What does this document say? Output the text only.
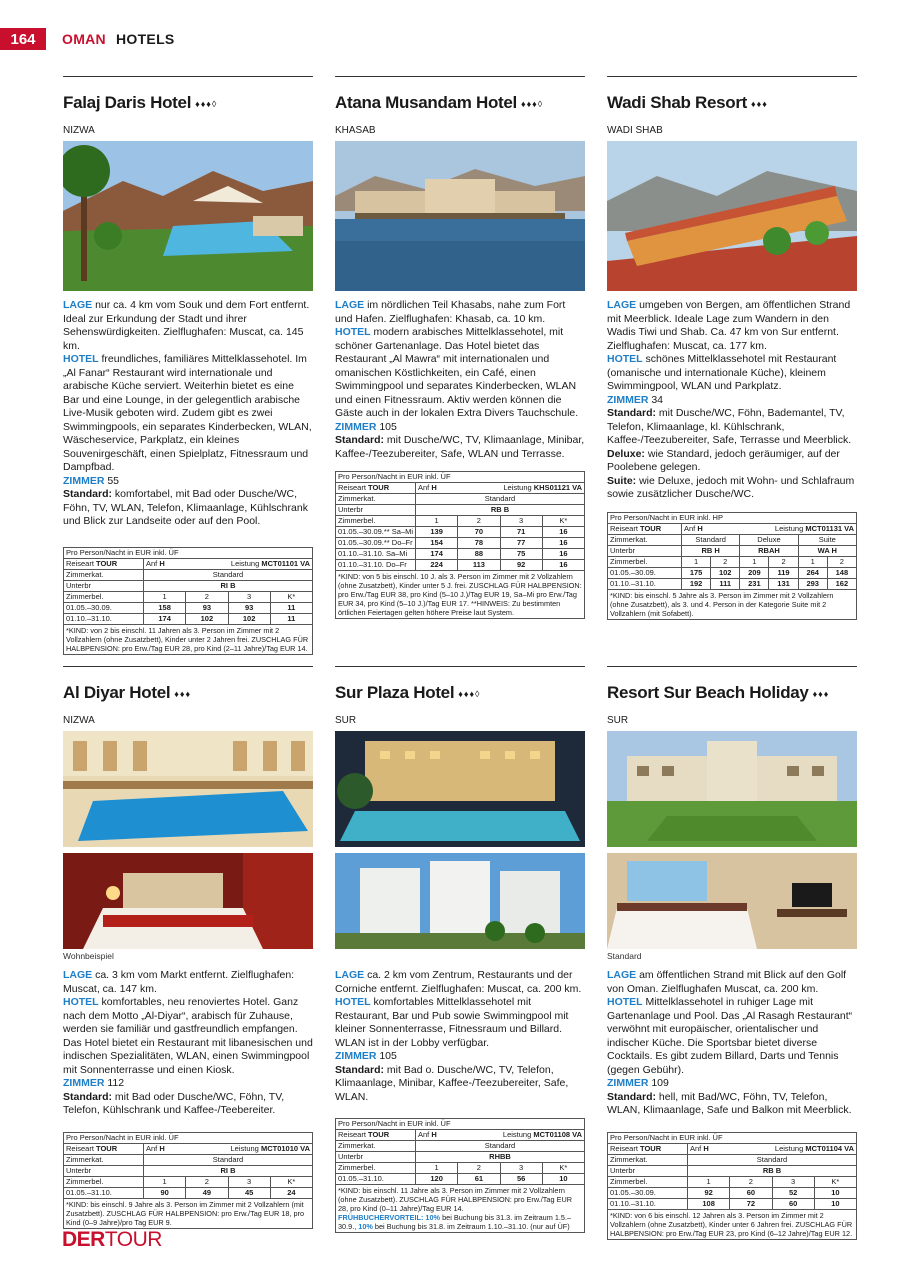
164	OMAN HOTELS
Falaj Daris Hotel ♦♦♦◊
NIZWA

LAGE nur ca. 4 km vom Souk und dem Fort entfernt. Ideal zur Erkundung der Stadt und ihrer Sehenswürdigkeiten. Zielflughafen: Muscat, ca. 145 km.

HOTEL freundliches, familiäres Mittelklassehotel. Im „Al Fanar“ Restaurant wird internationale und arabische Küche serviert. Weiterhin bietet es eine Bar und eine Lounge, in der gelegentlich arabische Live-Musik geboten wird. Zudem gibt es zwei Swimmingpools, ein separates Kinderbecken, WLAN, Wäscheservice, Parkplatz, ein kleines Souvenirgeschäft, einen Spielplatz, Fitnessraum und Dampfbad.

ZIMMER 55

Standard: komfortabel, mit Bad oder Dusche/WC, Föhn, TV, WLAN, Telefon, Klimaanlage, Kühlschrank und Blick zur Landseite oder auf den Pool.

Pro Person/Nacht in EUR inkl. ÜF				
Reiseart TOUR	Anf H Leistung MCT01101 VA			

Zimmerkat.	Standard			
Unterbr	RI B			
Zimmerbel.	1	2	3	K*
01.05.–30.09.	158	93	93	11
01.10.–31.10.	174	102	102	11
*KIND: von 2 bis einschl. 11 Jahren als 3. Person im Zimmer mit 2 Vollzahlern (ohne Zusatzbett), Kinder unter 2 Jahren frei. ZUSCHLAG FÜR HALBPENSION: pro Erw./Tag EUR 28, pro Kind (2–11 Jahre)/Tag EUR 14.
Atana Musandam Hotel ♦♦♦◊
KHASAB

LAGE im nördlichen Teil Khasabs, nahe zum Fort und Hafen. Zielflughafen: Khasab, ca. 10 km.

HOTEL modern arabisches Mittelklassehotel, mit schöner Gartenanlage. Das Hotel bietet das Restaurant „Al Mawra“ mit internationalen und omanischen Köstlichkeiten, ein Café, einen Swimmingpool und separates Kinderbecken, WLAN und einen Fitnessraum. Aktiv werden können die Gäste auch in der lokalen Extra Divers Tauchschule.

ZIMMER 105

Standard: mit Dusche/WC, TV, Klimaanlage, Minibar, Kaffee-/Teezubereiter, Safe, WLAN und Terrasse.

Pro Person/Nacht in EUR inkl. ÜF				
Reiseart TOUR	Anf H Leistung KHS01121 VA			

Zimmerkat.	Standard			
Unterbr	RB B			
Zimmerbel.	1	2	3	K*
01.05.–30.09.** Sa–Mi	139	70	71	16
01.05.–30.09.** Do–Fr	154	78	77	16
01.10.–31.10. Sa–Mi	174	88	75	16
01.10.–31.10. Do–Fr	224	113	92	16
*KIND: von 5 bis einschl. 10 J. als 3. Person im Zimmer mit 2 Vollzahlern (ohne Zusatzbett), Kinder unter 5 J. frei. ZUSCHLAG FÜR HALBPENSION: pro Erw./Tag EUR 38, pro Kind (5–10 J.)/Tag EUR 19, Sa–Mi pro Erw./Tag EUR 34, pro Kind (5–10 J.)/Tag EUR 17. **HINWEIS: Zu bestimmten örtlichen Feiertagen gelten höhere Preise laut System.
Wadi Shab Resort ♦♦♦
WADI SHAB

LAGE umgeben von Bergen, am öffentlichen Strand mit Meerblick. Ideale Lage zum Wandern in den Wadis Tiwi und Shab. Ca. 47 km von Sur entfernt. Zielflughafen: Muscat, ca. 177 km.

HOTEL schönes Mittelklassehotel mit Restaurant (omanische und internationale Küche), kleinem Swimmingpool, WLAN und Parkplatz.

ZIMMER 34

Standard: mit Dusche/WC, Föhn, Bademantel, TV, Telefon, Klimaanlage, kl. Kühlschrank, Kaffee-/Teezubereiter, Safe, Terrasse und Meerblick.

Deluxe: wie Standard, jedoch geräumiger, auf der Poolebene gelegen.

Suite: wie Deluxe, jedoch mit Wohn- und Schlafraum sowie zusätzlicher Dusche/WC.

Pro Person/Nacht in EUR inkl. HP						
Reiseart TOUR	Anf H Leistung MCT01131 VA					

Zimmerkat.	Standard		Deluxe		Suite	
Unterbr	RB H		RBAH		WA H	
Zimmerbel.	1	2	1	2	1	2
01.05.–30.09.	175	102	209	119	264	148
01.10.–31.10.	192	111	231	131	293	162
*KIND: bis einschl. 5 Jahre als 3. Person im Zimmer mit 2 Vollzahlern (ohne Zusatzbett), als 3. und 4. Person in der Kategorie Suite mit 2 Vollzahlern (mit Sofabett).
Al Diyar Hotel ♦♦♦
NIZWA
Wohnbeispiel

LAGE ca. 3 km vom Markt entfernt. Zielflughafen: Muscat, ca. 147 km.

HOTEL komfortables, neu renoviertes Hotel. Ganz nach dem Motto „Al-Diyar“, arabisch für Zuhause, werden sie familiär und gastfreundlich empfangen. Das Hotel bietet ein Restaurant mit libanesischen und indischen Spezialitäten, WLAN, einen Swimmingpool mit Sonnenterrasse und einen Kiosk.

ZIMMER 112

Standard: mit Bad oder Dusche/WC, Föhn, TV, Telefon, Kühlschrank und Kaffee-/Teebereiter.

Pro Person/Nacht in EUR inkl. ÜF				
Reiseart TOUR	Anf H Leistung MCT01010 VA			

Zimmerkat.	Standard			
Unterbr	RI B			
Zimmerbel.	1	2	3	K*
01.05.–31.10.	90	49	45	24
*KIND: bis einschl. 9 Jahre als 3. Person im Zimmer mit 2 Vollzahlern (mit Zusatzbett). ZUSCHLAG FÜR HALBPENSION: pro Erw./Tag EUR 18, pro Kind (0–9 Jahre)/pro Tag EUR 9.
Sur Plaza Hotel ♦♦♦◊
SUR

LAGE ca. 2 km vom Zentrum, Restaurants und der Corniche entfernt. Zielflughafen: Muscat, ca. 200 km.

HOTEL komfortables Mittelklassehotel mit Restaurant, Bar und Pub sowie Swimmingpool mit kleiner Sonnenterrasse, Fitnessraum und Billard. WLAN ist in der Lobby verfügbar.

ZIMMER 105

Standard: mit Bad o. Dusche/WC, TV, Telefon, Klimaanlage, Minibar, Kaffee-/Teezubereiter, Safe, WLAN.

Pro Person/Nacht in EUR inkl. ÜF				
Reiseart TOUR	Anf H Leistung MCT01108 VA			

Zimmerkat.	Standard			
Unterbr	RHBB			
Zimmerbel.	1	2	3	K*
01.05.–31.10.	120	61	56	10
*KIND: bis einschl. 11 Jahre als 3. Person im Zimmer mit 2 Vollzahlern (ohne Zusatzbett). ZUSCHLAG FÜR HALBPENSION: pro Erw./Tag EUR 28, pro Kind (0–11 Jahre)/Tag EUR 14.
FRÜHBUCHERVORTEIL: 10% bei Buchung bis 31.3. im Zeitraum 1.5.–30.9., 10% bei Buchung bis 31.8. im Zeitraum 1.10.–31.10. (nur auf ÜF)
Resort Sur Beach Holiday ♦♦♦
SUR
Standard

LAGE am öffentlichen Strand mit Blick auf den Golf von Oman. Zielflughafen Muscat, ca. 200 km.

HOTEL Mittelklassehotel in ruhiger Lage mit Gartenanlage und Pool. Das „Al Rasagh Restaurant“ verwöhnt mit europäischer, orientalischer und indischer Küche. Die Sportsbar bietet diverse Cocktails. Es gibt zudem Billard, Darts und Tennis (gegen Gebühr).

ZIMMER 109

Standard: hell, mit Bad/WC, Föhn, TV, Telefon, WLAN, Klimaanlage, Safe und Balkon mit Meerblick.

Pro Person/Nacht in EUR inkl. ÜF				
Reiseart TOUR	Anf H Leistung MCT01104 VA			

Zimmerkat.	Standard			
Unterbr	RB B			
Zimmerbel.	1	2	3	K*
01.05.–30.09.	92	60	52	10
01.10.–31.10.	108	72	60	10
*KIND: von 6 bis einschl. 12 Jahren als 3. Person im Zimmer mit 2 Vollzahlern (ohne Zusatzbett), Kinder unter 6 Jahren frei. ZUSCHLAG FÜR HALBPENSION: pro Erw./Tag EUR 23, pro Kind (6–12 Jahre)/Tag EUR 12.
DERTOUR
